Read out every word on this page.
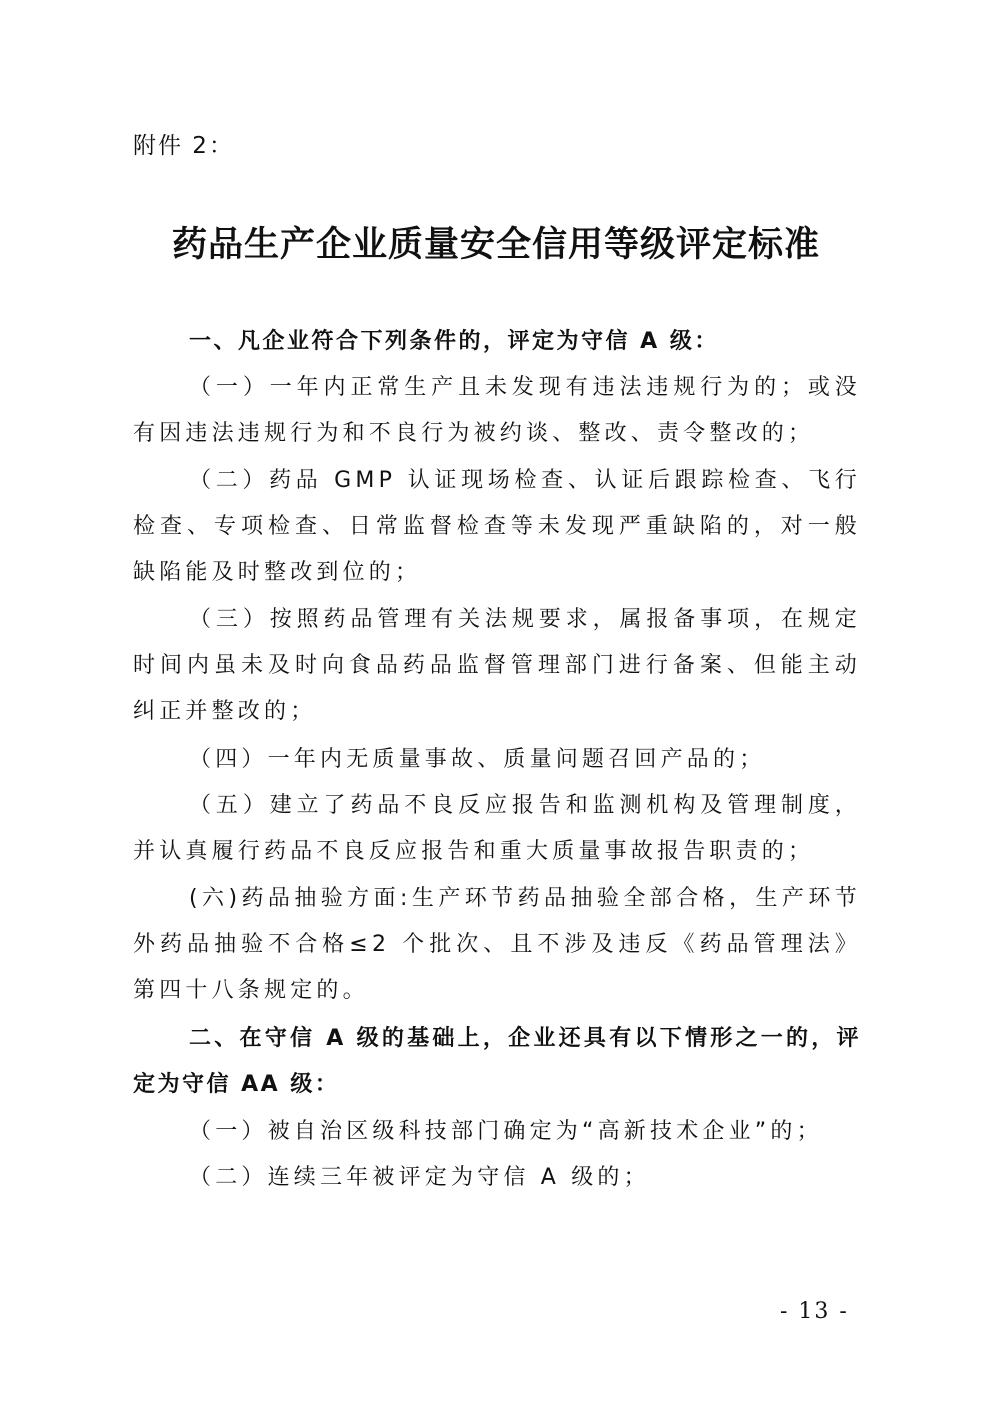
附件 2：
药品生产企业质量安全信用等级评定标准

一、凡企业符合下列条件的，评定为守信 A 级：

（一）一年内正常生产且未发现有违法违规行为的；或没有因违法违规行为和不良行为被约谈、整改、责令整改的；

（二）药品 GMP 认证现场检查、认证后跟踪检查、飞行检查、专项检查、日常监督检查等未发现严重缺陷的，对一般缺陷能及时整改到位的；

（三）按照药品管理有关法规要求，属报备事项，在规定时间内虽未及时向食品药品监督管理部门进行备案、但能主动纠正并整改的；

（四）一年内无质量事故、质量问题召回产品的；

（五）建立了药品不良反应报告和监测机构及管理制度，并认真履行药品不良反应报告和重大质量事故报告职责的；

(六)药品抽验方面:生产环节药品抽验全部合格，生产环节外药品抽验不合格≤2 个批次、且不涉及违反《药品管理法》第四十八条规定的。

二、在守信 A 级的基础上，企业还具有以下情形之一的，评定为守信 AA 级：

（一）被自治区级科技部门确定为“高新技术企业”的；

（二）连续三年被评定为守信 A 级的；

- 13 -
